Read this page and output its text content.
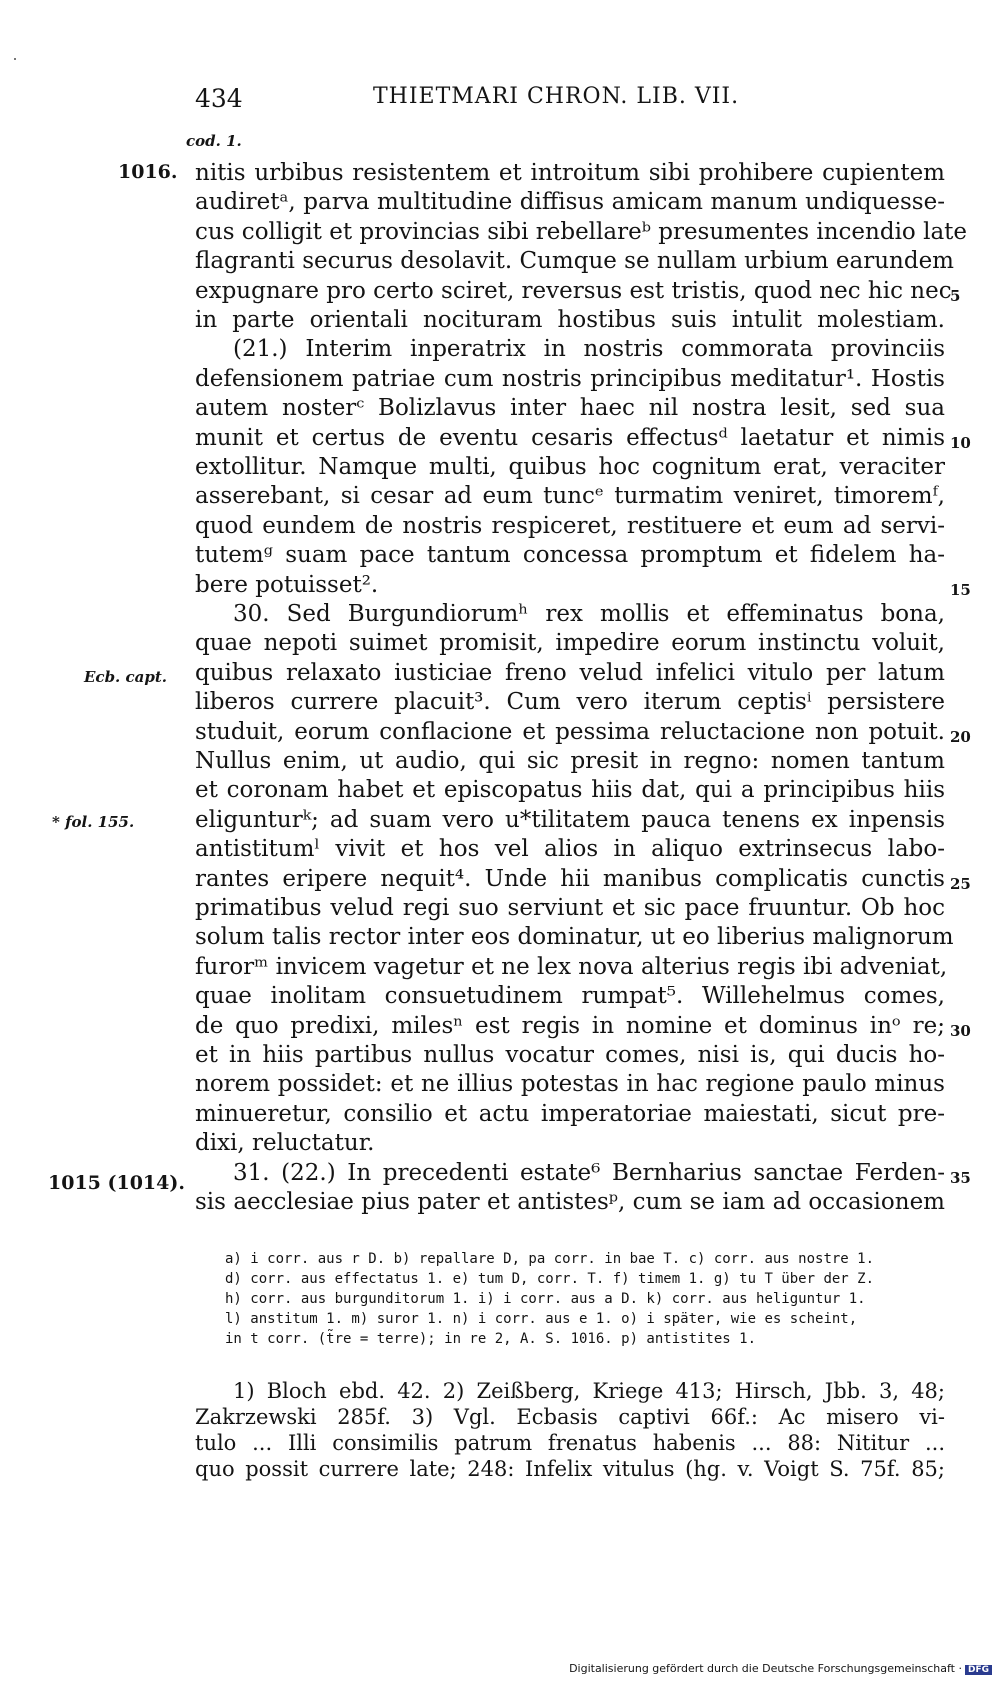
434	THIETMARI CHRON. LIB. VII.
cod. 1.
1016.
Ecb. capt.
* fol. 155.
1015 (1014).
5
10
15
20
25
30
35
nitis urbibus resistentem et introitum sibi prohibere cupientem
audiretᵃ, parva multitudine diffisus amicam manum undiquesse-
cus colligit et provincias sibi rebellareᵇ presumentes incendio late
flagranti securus desolavit. Cumque se nullam urbium earundem
expugnare pro certo sciret, reversus est tristis, quod nec hic nec
in parte orientali nocituram hostibus suis intulit molestiam.
(21.) Interim inperatrix in nostris commorata provinciis
defensionem patriae cum nostris principibus meditatur¹. Hostis
autem nosterᶜ Bolizlavus inter haec nil nostra lesit, sed sua
munit et certus de eventu cesaris effectusᵈ laetatur et nimis
extollitur. Namque multi, quibus hoc cognitum erat, veraciter
asserebant, si cesar ad eum tuncᵉ turmatim veniret, timoremᶠ,
quod eundem de nostris respiceret, restituere et eum ad servi-
tutemᵍ suam pace tantum concessa promptum et fidelem ha-
bere potuisset².
30. Sed Burgundiorumʰ rex mollis et effeminatus bona,
quae nepoti suimet promisit, impedire eorum instinctu voluit,
quibus relaxato iusticiae freno velud infelici vitulo per latum
liberos currere placuit³. Cum vero iterum ceptisⁱ persistere
studuit, eorum conflacione et pessima reluctacione non potuit.
Nullus enim, ut audio, qui sic presit in regno: nomen tantum
et coronam habet et episcopatus hiis dat, qui a principibus hiis
eligunturᵏ; ad suam vero u*tilitatem pauca tenens ex inpensis
antistitumˡ vivit et hos vel alios in aliquo extrinsecus labo-
rantes eripere nequit⁴. Unde hii manibus complicatis cunctis
primatibus velud regi suo serviunt et sic pace fruuntur. Ob hoc
solum talis rector inter eos dominatur, ut eo liberius malignorum
furorᵐ invicem vagetur et ne lex nova alterius regis ibi adveniat,
quae inolitam consuetudinem rumpat⁵. Willehelmus comes,
de quo predixi, milesⁿ est regis in nomine et dominus inᵒ re;
et in hiis partibus nullus vocatur comes, nisi is, qui ducis ho-
norem possidet: et ne illius potestas in hac regione paulo minus
minueretur, consilio et actu imperatoriae maiestati, sicut pre-
dixi, reluctatur.
31. (22.) In precedenti estate⁶ Bernharius sanctae Ferden-
sis aecclesiae pius pater et antistesᵖ, cum se iam ad occasionem
a) i corr. aus r D. b) repallare D, pa corr. in bae T. c) corr. aus nostre 1.
d) corr. aus effectatus 1. e) tum D, corr. T. f) timem 1. g) tu T über der Z.
h) corr. aus burgunditorum 1. i) i corr. aus a D. k) corr. aus heliguntur 1.
l) anstitum 1. m) suror 1. n) i corr. aus e 1. o) i später, wie es scheint,
in t corr. (t̃re = terre); in re 2, A. S. 1016. p) antistites 1.
1) Bloch ebd. 42. 2) Zeißberg, Kriege 413; Hirsch, Jbb. 3, 48;
Zakrzewski 285f. 3) Vgl. Ecbasis captivi 66f.: Ac misero vi-
tulo ... Illi consimilis patrum frenatus habenis ... 88: Nititur ...
quo possit currere late; 248: Infelix vitulus (hg. v. Voigt S. 75f. 85;
Digitalisierung gefördert durch die Deutsche Forschungsgemeinschaft · DFG
